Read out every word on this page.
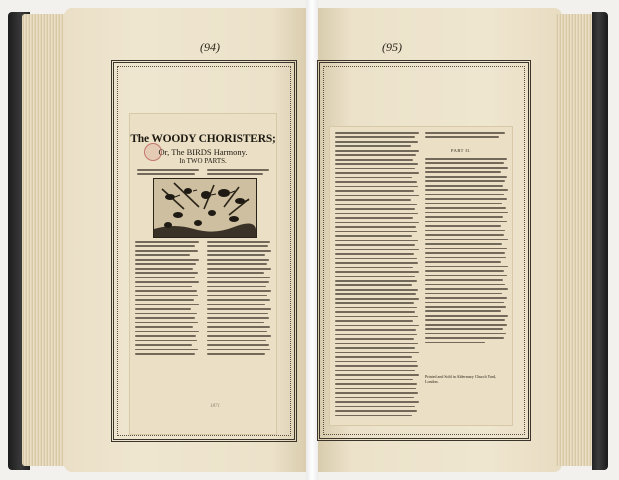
(94)	(95)
The WOODY CHORISTERS;
Or, The BIRDS Harmony.
In TWO PARTS.
1871
PART II.
Printed and Sold in Aldermary Church Yard, London.
